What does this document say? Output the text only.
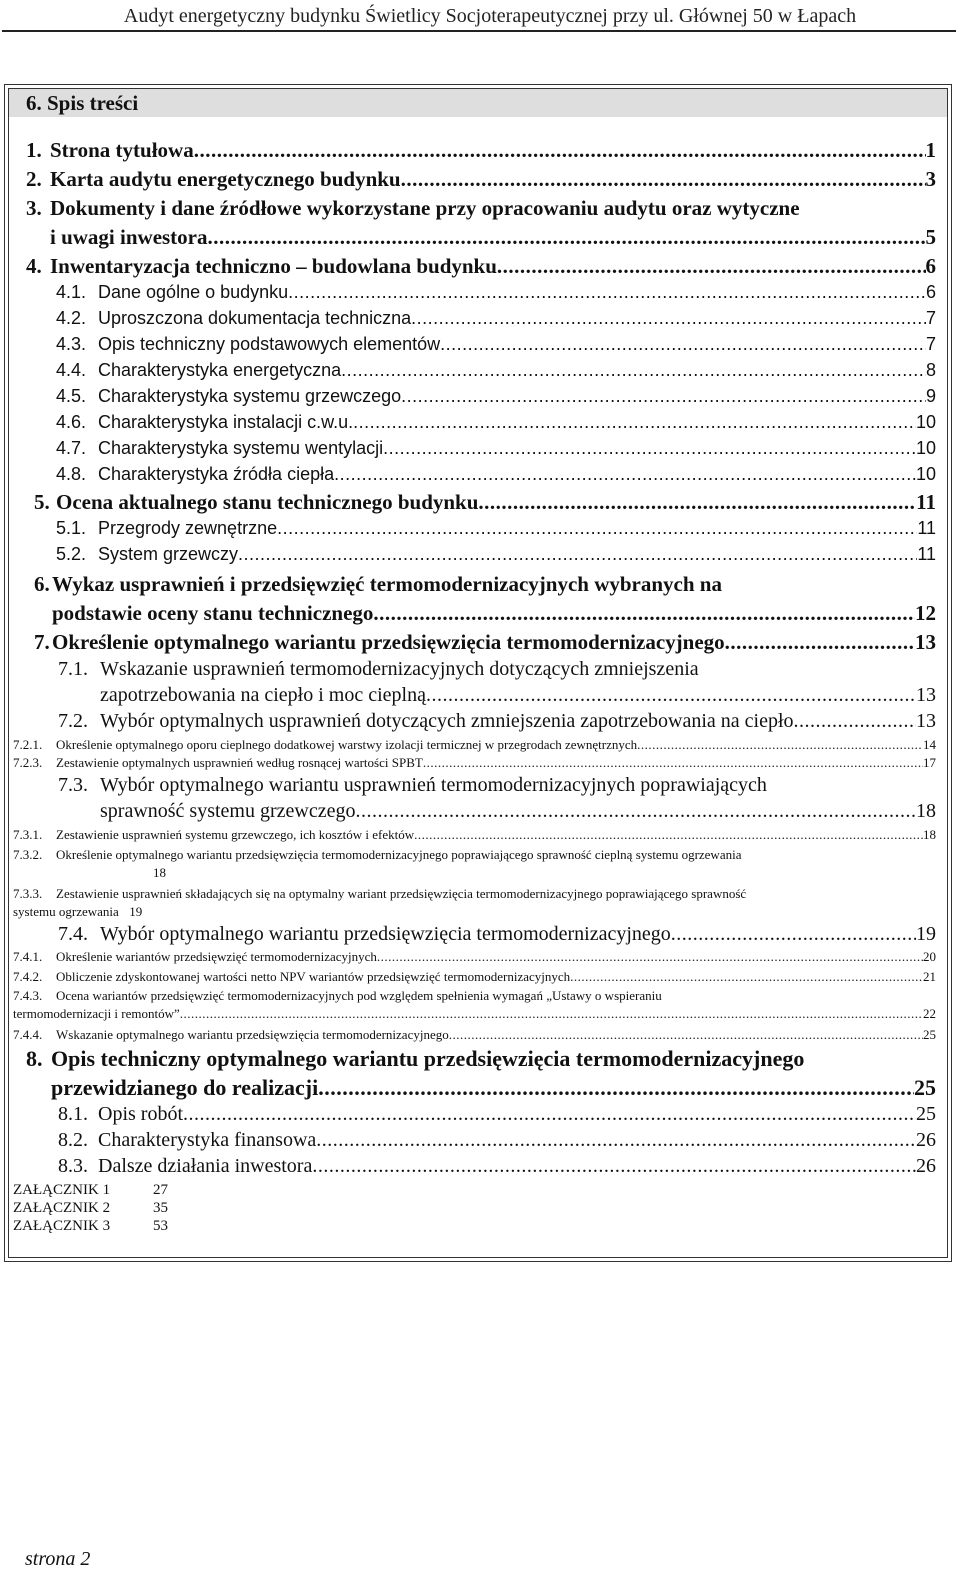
Audyt energetyczny budynku Świetlicy Socjoterapeutycznej przy ul. Głównej 50 w Łapach
6. Spis treści
1. Strona tytułowa .....	1
2. Karta audytu energetycznego budynku .....	3
3. Dokumenty i dane źródłowe wykorzystane przy opracowaniu audytu oraz wytyczne
i uwagi inwestora .....	5
4. Inwentaryzacja techniczno – budowlana budynku .....	6
4.1. Dane ogólne o budynku .....	6
4.2. Uproszczona dokumentacja techniczna .....	7
4.3. Opis techniczny podstawowych elementów .....	7
4.4. Charakterystyka energetyczna .....	8
4.5. Charakterystyka systemu grzewczego .....	9
4.6. Charakterystyka instalacji c.w.u. .....	10
4.7. Charakterystyka systemu wentylacji .....	10
4.8. Charakterystyka źródła ciepła .....	10
5. Ocena aktualnego stanu technicznego budynku .....	11
5.1. Przegrody zewnętrzne .....	11
5.2. System grzewczy .....	11
6. Wykaz usprawnień i przedsięwzięć termomodernizacyjnych wybranych na
podstawie oceny stanu technicznego .....	12
7. Określenie optymalnego wariantu przedsięwzięcia termomodernizacyjnego .....	13
7.1. Wskazanie usprawnień termomodernizacyjnych dotyczących zmniejszenia
zapotrzebowania na ciepło i moc cieplną .....	13
7.2. Wybór optymalnych usprawnień dotyczących zmniejszenia zapotrzebowania na ciepło .....	13
7.2.1.	Określenie optymalnego oporu cieplnego dodatkowej warstwy izolacji termicznej w przegrodach zewnętrznych .....	14
7.2.3.	Zestawienie optymalnych usprawnień według rosnącej wartości SPBT .....	17
7.3. Wybór optymalnego wariantu usprawnień termomodernizacyjnych poprawiających
sprawność systemu grzewczego .....	18
7.3.1.	Zestawienie usprawnień systemu grzewczego, ich kosztów i efektów .....	18
7.3.2. Określenie optymalnego wariantu przedsięwzięcia termomodernizacyjnego poprawiającego sprawność cieplną systemu ogrzewania
18
7.3.3. Zestawienie usprawnień składających się na optymalny wariant przedsięwzięcia termomodernizacyjnego poprawiającego sprawność
systemu ogrzewania 19
7.4. Wybór optymalnego wariantu przedsięwzięcia termomodernizacyjnego .....	19
7.4.1.	Określenie wariantów przedsięwzięć termomodernizacyjnych .....	20
7.4.2.	Obliczenie zdyskontowanej wartości netto NPV wariantów przedsięwzięć termomodernizacyjnych .....	21
7.4.3. Ocena wariantów przedsięwzięć termomodernizacyjnych pod względem spełnienia wymagań „Ustawy o wspieraniu
termomodernizacji i remontów” .....	22
7.4.4.	Wskazanie optymalnego wariantu przedsięwzięcia termomodernizacyjnego .....	25
8. Opis techniczny optymalnego wariantu przedsięwzięcia termomodernizacyjnego
przewidzianego do realizacji .....	25
8.1. Opis robót .....	25
8.2. Charakterystyka finansowa .....	26
8.3. Dalsze działania inwestora .....	26
ZAŁĄCZNIK 1	27
ZAŁĄCZNIK 2	35
ZAŁĄCZNIK 3	53
strona 2
